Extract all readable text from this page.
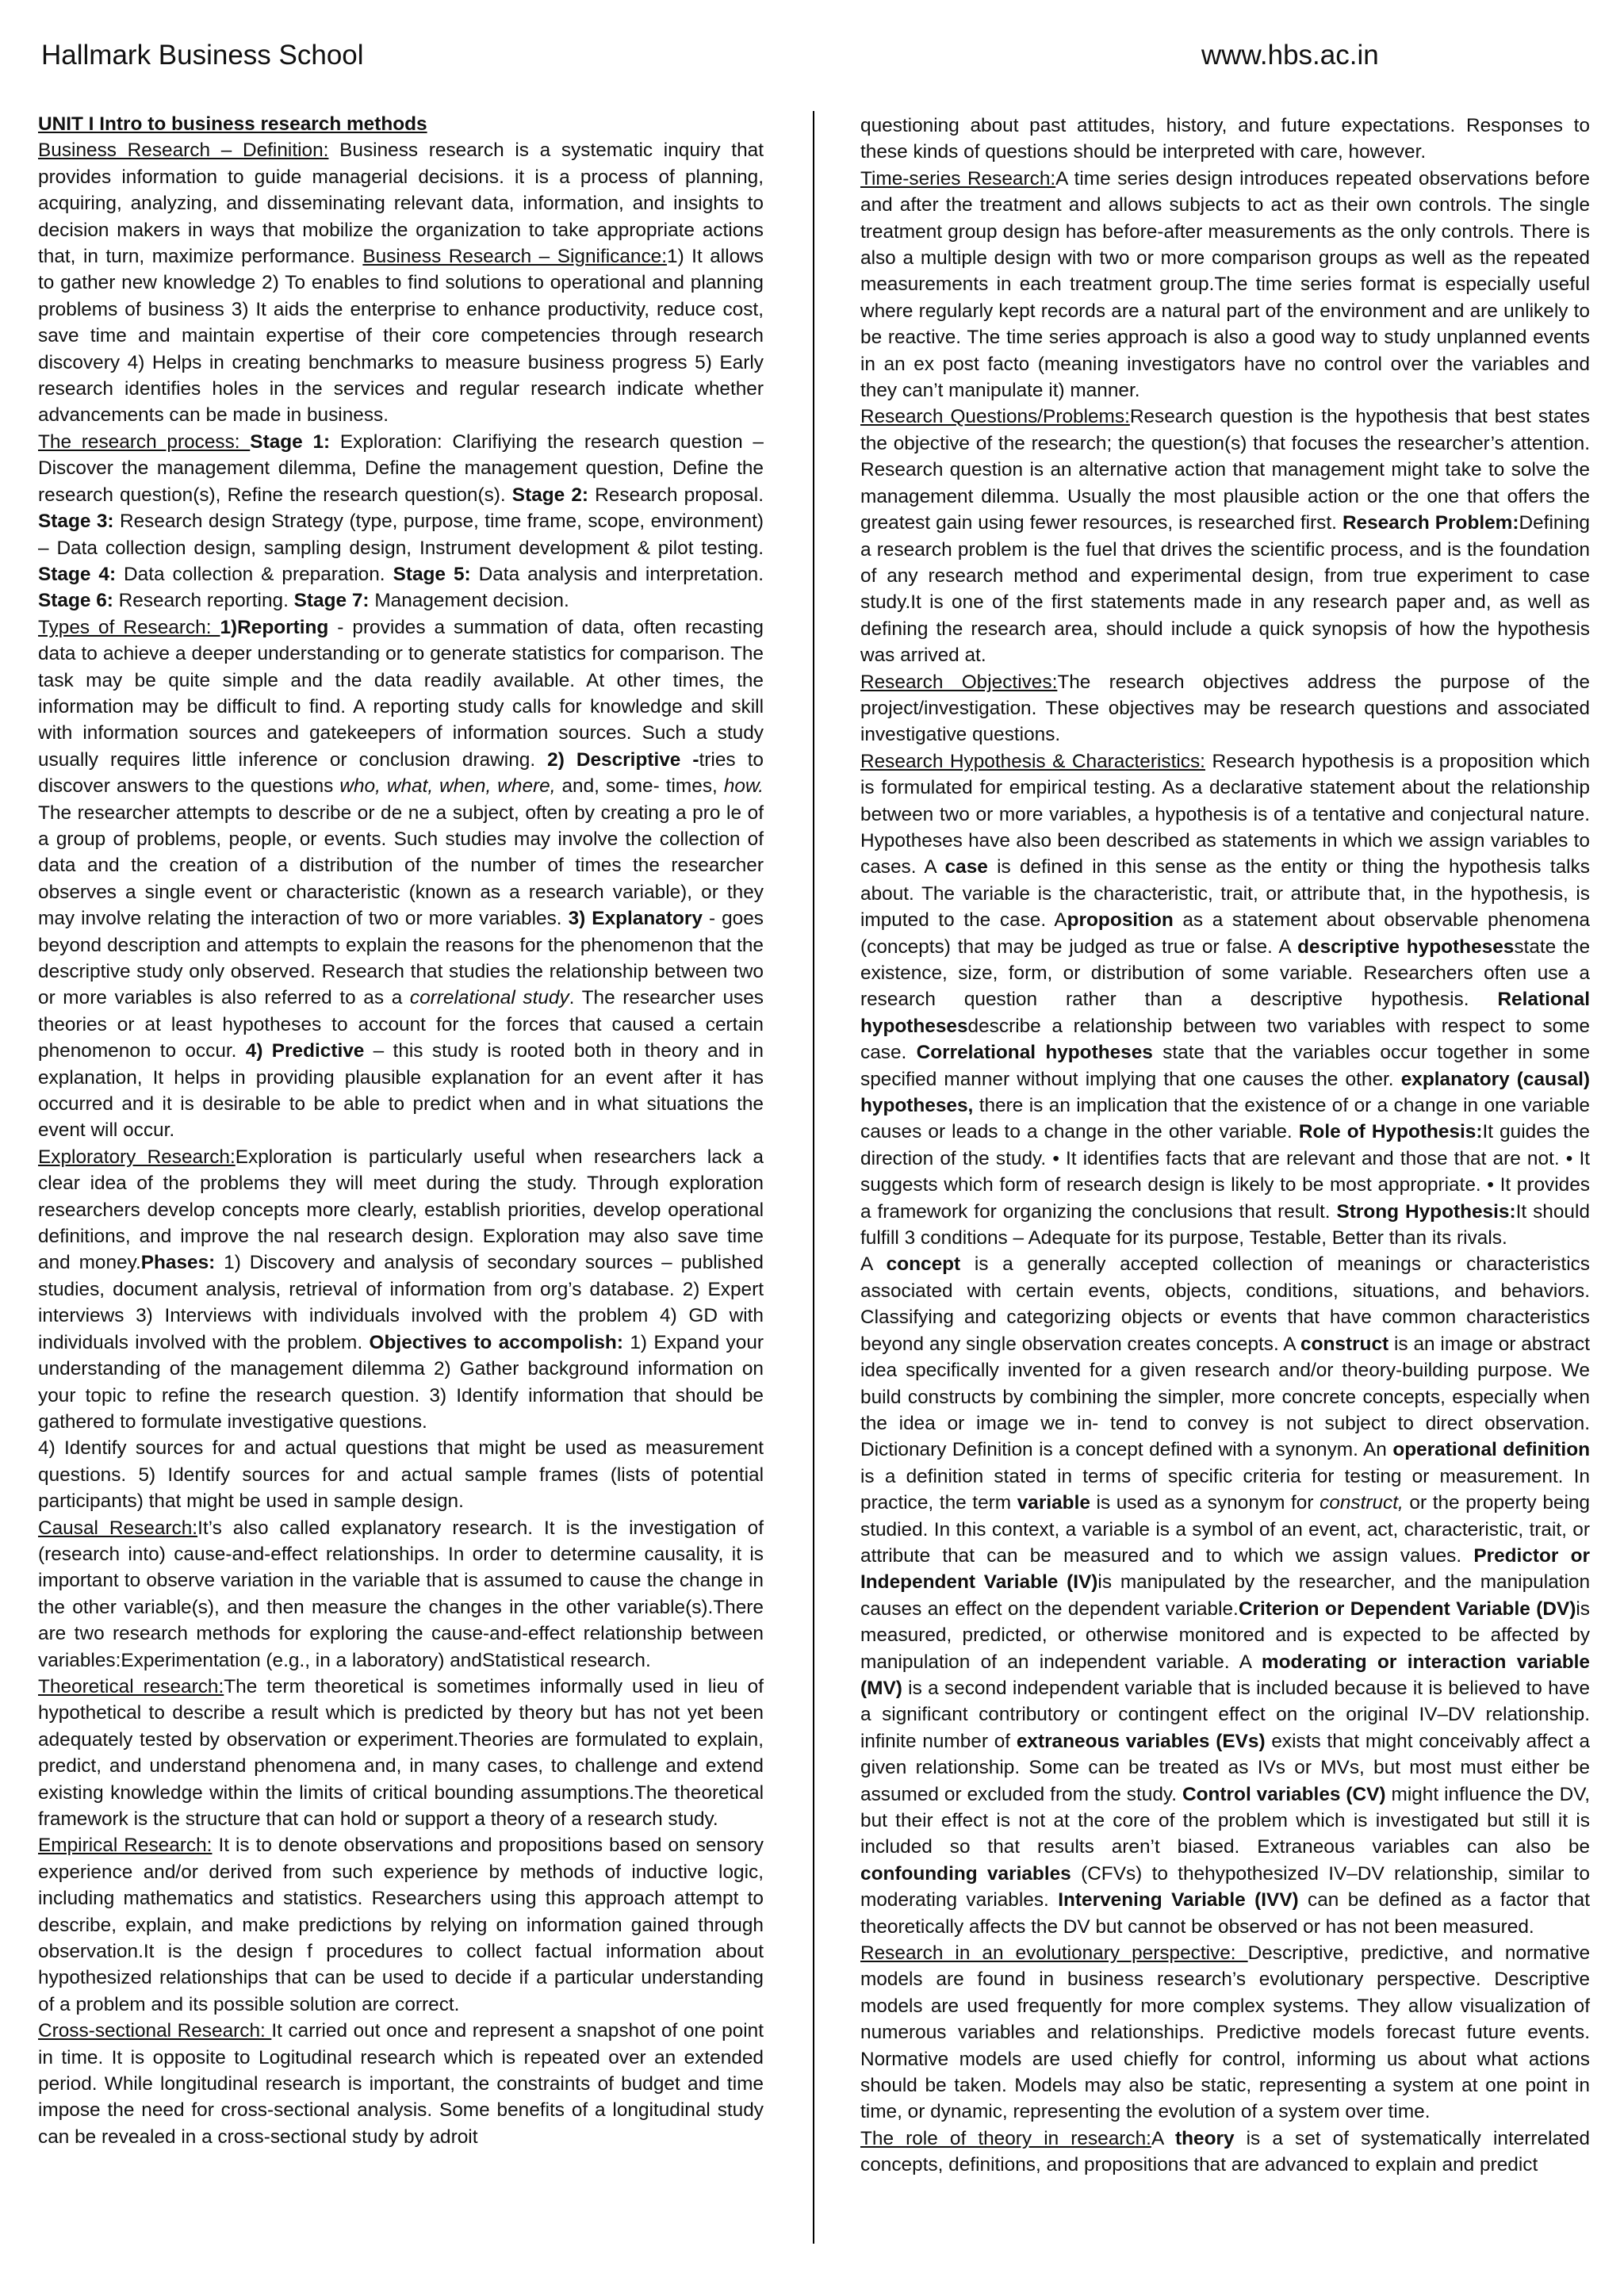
Hallmark Business School	www.hbs.ac.in

UNIT I Intro to business research methods

Business Research – Definition: Business research is a systematic inquiry that provides information to guide managerial decisions. it is a process of planning, acquiring, analyzing, and disseminating relevant data, information, and insights to decision makers in ways that mobilize the organization to take appropriate actions that, in turn, maximize performance. Business Research – Significance:1) It allows to gather new knowledge 2) To enables to find solutions to operational and planning problems of business 3) It aids the enterprise to enhance productivity, reduce cost, save time and maintain expertise of their core competencies through research discovery 4) Helps in creating benchmarks to measure business progress 5) Early research identifies holes in the services and regular research indicate whether advancements can be made in business.

The research process: Stage 1: Exploration: Clarifiying the research question – Discover the management dilemma, Define the management question, Define the research question(s), Refine the research question(s). Stage 2: Research proposal. Stage 3: Research design Strategy (type, purpose, time frame, scope, environment) – Data collection design, sampling design, Instrument development & pilot testing. Stage 4: Data collection & preparation. Stage 5: Data analysis and interpretation. Stage 6: Research reporting. Stage 7: Management decision.

Types of Research: 1)Reporting - provides a summation of data, often recasting data to achieve a deeper understanding or to generate statistics for comparison. The task may be quite simple and the data readily available. At other times, the information may be difficult to find. A reporting study calls for knowledge and skill with information sources and gatekeepers of information sources. Such a study usually requires little inference or conclusion drawing. 2) Descriptive -tries to discover answers to the questions who, what, when, where, and, some- times, how. The researcher attempts to describe or de ne a subject, often by creating a pro le of a group of problems, people, or events. Such studies may involve the collection of data and the creation of a distribution of the number of times the researcher observes a single event or characteristic (known as a research variable), or they may involve relating the interaction of two or more variables. 3) Explanatory - goes beyond description and attempts to explain the reasons for the phenomenon that the descriptive study only observed. Research that studies the relationship between two or more variables is also referred to as a correlational study. The researcher uses theories or at least hypotheses to account for the forces that caused a certain phenomenon to occur. 4) Predictive – this study is rooted both in theory and in explanation, It helps in providing plausible explanation for an event after it has occurred and it is desirable to be able to predict when and in what situations the event will occur.

Exploratory Research:Exploration is particularly useful when researchers lack a clear idea of the problems they will meet during the study. Through exploration researchers develop concepts more clearly, establish priorities, develop operational definitions, and improve the nal research design. Exploration may also save time and money.Phases: 1) Discovery and analysis of secondary sources – published studies, document analysis, retrieval of information from org’s database. 2) Expert interviews 3) Interviews with individuals involved with the problem 4) GD with individuals involved with the problem. Objectives to accompolish: 1) Expand your understanding of the management dilemma 2) Gather background information on your topic to refine the research question. 3) Identify information that should be gathered to formulate investigative questions.

4) Identify sources for and actual questions that might be used as measurement questions. 5) Identify sources for and actual sample frames (lists of potential participants) that might be used in sample design.

Causal Research:It’s also called explanatory research. It is the investigation of (research into) cause-and-effect relationships. In order to determine causality, it is important to observe variation in the variable that is assumed to cause the change in the other variable(s), and then measure the changes in the other variable(s).There are two research methods for exploring the cause-and-effect relationship between variables:Experimentation (e.g., in a laboratory) andStatistical research.

Theoretical research:The term theoretical is sometimes informally used in lieu of hypothetical to describe a result which is predicted by theory but has not yet been adequately tested by observation or experiment.Theories are formulated to explain, predict, and understand phenomena and, in many cases, to challenge and extend existing knowledge within the limits of critical bounding assumptions.The theoretical framework is the structure that can hold or support a theory of a research study.

Empirical Research: It is to denote observations and propositions based on sensory experience and/or derived from such experience by methods of inductive logic, including mathematics and statistics. Researchers using this approach attempt to describe, explain, and make predictions by relying on information gained through observation.It is the design f procedures to collect factual information about hypothesized relationships that can be used to decide if a particular understanding of a problem and its possible solution are correct.

Cross-sectional Research: It carried out once and represent a snapshot of one point in time. It is opposite to Logitudinal research which is repeated over an extended period. While longitudinal research is important, the constraints of budget and time impose the need for cross-sectional analysis. Some benefits of a longitudinal study can be revealed in a cross-sectional study by adroit

questioning about past attitudes, history, and future expectations. Responses to these kinds of questions should be interpreted with care, however.

Time-series Research:A time series design introduces repeated observations before and after the treatment and allows subjects to act as their own controls. The single treatment group design has before-after measurements as the only controls. There is also a multiple design with two or more comparison groups as well as the repeated measurements in each treatment group.The time series format is especially useful where regularly kept records are a natural part of the environment and are unlikely to be reactive. The time series approach is also a good way to study unplanned events in an ex post facto (meaning investigators have no control over the variables and they can’t manipulate it) manner.

Research Questions/Problems:Research question is the hypothesis that best states the objective of the research; the question(s) that focuses the researcher’s attention. Research question is an alternative action that management might take to solve the management dilemma. Usually the most plausible action or the one that offers the greatest gain using fewer resources, is researched first. Research Problem:Defining a research problem is the fuel that drives the scientific process, and is the foundation of any research method and experimental design, from true experiment to case study.It is one of the first statements made in any research paper and, as well as defining the research area, should include a quick synopsis of how the hypothesis was arrived at.

Research Objectives:The research objectives address the purpose of the project/investigation. These objectives may be research questions and associated investigative questions.

Research Hypothesis & Characteristics: Research hypothesis is a proposition which is formulated for empirical testing. As a declarative statement about the relationship between two or more variables, a hypothesis is of a tentative and conjectural nature. Hypotheses have also been described as statements in which we assign variables to cases. A case is defined in this sense as the entity or thing the hypothesis talks about. The variable is the characteristic, trait, or attribute that, in the hypothesis, is imputed to the case. Aproposition as a statement about observable phenomena (concepts) that may be judged as true or false. A descriptive hypothesesstate the existence, size, form, or distribution of some variable. Researchers often use a research question rather than a descriptive hypothesis. Relational hypothesesdescribe a relationship between two variables with respect to some case. Correlational hypotheses state that the variables occur together in some specified manner without implying that one causes the other. explanatory (causal) hypotheses, there is an implication that the existence of or a change in one variable causes or leads to a change in the other variable. Role of Hypothesis:It guides the direction of the study. • It identifies facts that are relevant and those that are not. • It suggests which form of research design is likely to be most appropriate. • It provides a framework for organizing the conclusions that result. Strong Hypothesis:It should fulfill 3 conditions – Adequate for its purpose, Testable, Better than its rivals.

A concept is a generally accepted collection of meanings or characteristics associated with certain events, objects, conditions, situations, and behaviors. Classifying and categorizing objects or events that have common characteristics beyond any single observation creates concepts. A construct is an image or abstract idea specifically invented for a given research and/or theory-building purpose. We build constructs by combining the simpler, more concrete concepts, especially when the idea or image we in- tend to convey is not subject to direct observation. Dictionary Definition is a concept defined with a synonym. An operational definition is a definition stated in terms of specific criteria for testing or measurement. In practice, the term variable is used as a synonym for construct, or the property being studied. In this context, a variable is a symbol of an event, act, characteristic, trait, or attribute that can be measured and to which we assign values. Predictor or Independent Variable (IV)is manipulated by the researcher, and the manipulation causes an effect on the dependent variable.Criterion or Dependent Variable (DV)is measured, predicted, or otherwise monitored and is expected to be affected by manipulation of an independent variable. A moderating or interaction variable (MV) is a second independent variable that is included because it is believed to have a significant contributory or contingent effect on the original IV–DV relationship. infinite number of extraneous variables (EVs) exists that might conceivably affect a given relationship. Some can be treated as IVs or MVs, but most must either be assumed or excluded from the study. Control variables (CV) might influence the DV, but their effect is not at the core of the problem which is investigated but still it is included so that results aren’t biased. Extraneous variables can also be confounding variables (CFVs) to thehypothesized IV–DV relationship, similar to moderating variables. Intervening Variable (IVV) can be defined as a factor that theoretically affects the DV but cannot be observed or has not been measured.

Research in an evolutionary perspective: Descriptive, predictive, and normative models are found in business research’s evolutionary perspective. Descriptive models are used frequently for more complex systems. They allow visualization of numerous variables and relationships. Predictive models forecast future events. Normative models are used chiefly for control, informing us about what actions should be taken. Models may also be static, representing a system at one point in time, or dynamic, representing the evolution of a system over time.

The role of theory in research:A theory is a set of systematically interrelated concepts, definitions, and propositions that are advanced to explain and predict
